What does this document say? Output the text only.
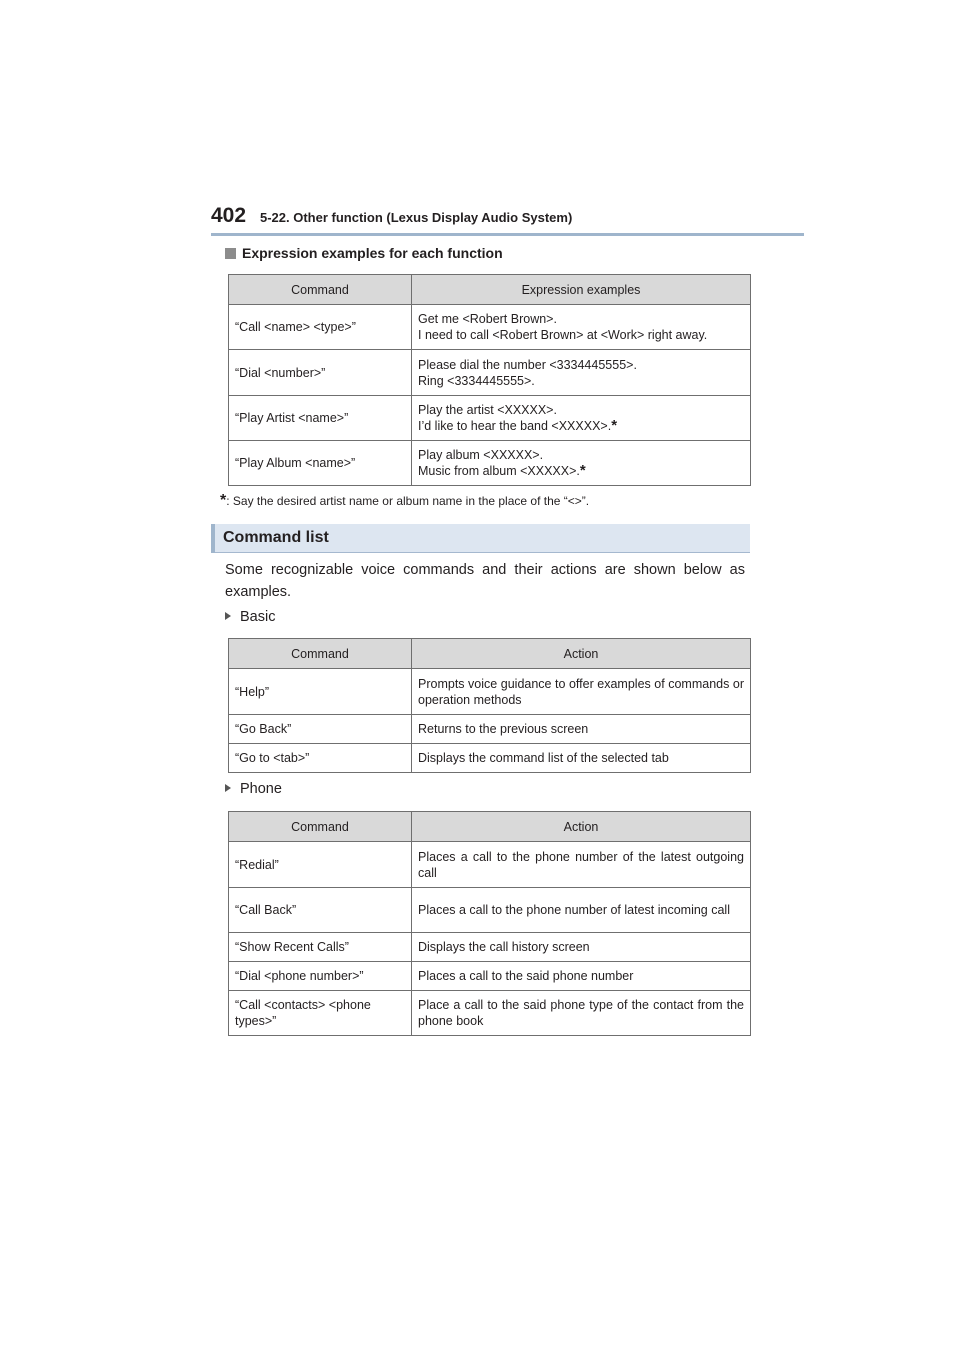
402 5-22. Other function (Lexus Display Audio System)
Expression examples for each function
Command	Expression examples
“Call <name> <type>”	Get me <Robert Brown>.
I need to call <Robert Brown> at <Work> right away.

“Dial <number>”	Please dial the number <3334445555>.
Ring <3334445555>.

“Play Artist <name>”	Play the artist <XXXXX>.
I’d like to hear the band <XXXXX>.*

“Play Album <name>”	Play album <XXXXX>.
Music from album <XXXXX>.*
*: Say the desired artist name or album name in the place of the “<>”.
Command list
Some recognizable voice commands and their actions are shown below as examples.
Basic
Command	Action
“Help”	Prompts voice guidance to offer examples of commands or operation methods
“Go Back”	Returns to the previous screen
“Go to <tab>”	Displays the command list of the selected tab
Phone
Command	Action
“Redial”	Places a call to the phone number of the latest outgoing call
“Call Back”	Places a call to the phone number of latest incoming call
“Show Recent Calls”	Displays the call history screen
“Dial <phone number>”	Places a call to the said phone number
“Call <contacts> <phone types>”	Place a call to the said phone type of the contact from the phone book
